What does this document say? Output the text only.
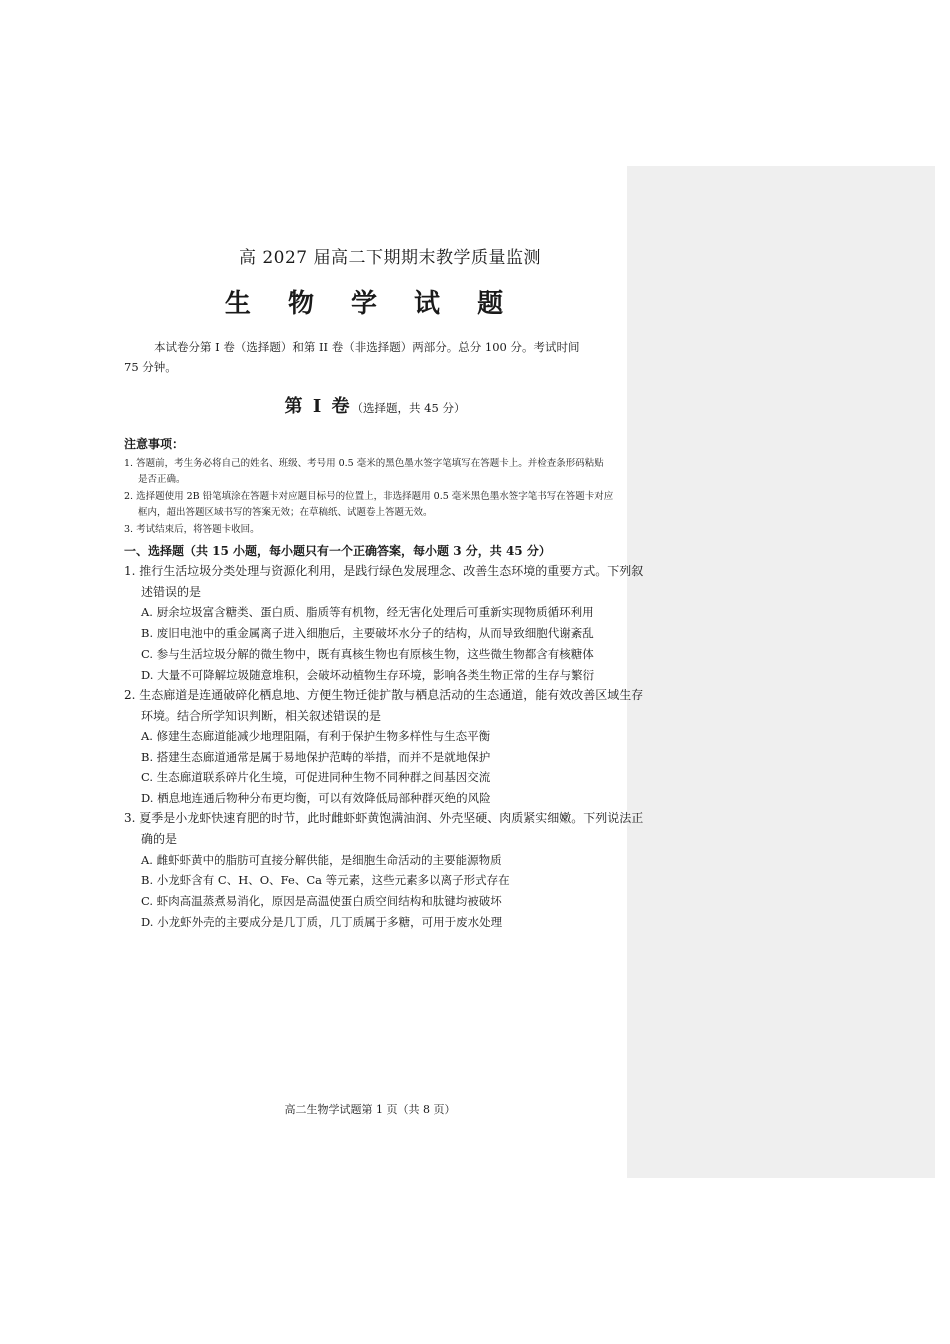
高 2027 届高二下期期末教学质量监测
生 物 学 试 题
本试卷分第 I 卷（选择题）和第 II 卷（非选择题）两部分。总分 100 分。考试时间
75 分钟。
第 I 卷（选择题，共 45 分）
注意事项：
1. 答题前，考生务必将自己的姓名、班级、考号用 0.5 毫米的黑色墨水签字笔填写在答题卡上。并检查条形码粘贴
是否正确。
2. 选择题使用 2B 铅笔填涂在答题卡对应题目标号的位置上，非选择题用 0.5 毫米黑色墨水签字笔书写在答题卡对应
框内，超出答题区域书写的答案无效；在草稿纸、试题卷上答题无效。
3. 考试结束后，将答题卡收回。
一、选择题（共 15 小题，每小题只有一个正确答案，每小题 3 分，共 45 分）
1. 推行生活垃圾分类处理与资源化利用，是践行绿色发展理念、改善生态环境的重要方式。下列叙
述错误的是
A. 厨余垃圾富含糖类、蛋白质、脂质等有机物，经无害化处理后可重新实现物质循环利用
B. 废旧电池中的重金属离子进入细胞后，主要破坏水分子的结构，从而导致细胞代谢紊乱
C. 参与生活垃圾分解的微生物中，既有真核生物也有原核生物，这些微生物都含有核糖体
D. 大量不可降解垃圾随意堆积，会破坏动植物生存环境，影响各类生物正常的生存与繁衍
2. 生态廊道是连通破碎化栖息地、方便生物迁徙扩散与栖息活动的生态通道，能有效改善区域生存
环境。结合所学知识判断，相关叙述错误的是
A. 修建生态廊道能减少地理阻隔，有利于保护生物多样性与生态平衡
B. 搭建生态廊道通常是属于易地保护范畴的举措，而并不是就地保护
C. 生态廊道联系碎片化生境，可促进同种生物不同种群之间基因交流
D. 栖息地连通后物种分布更均衡，可以有效降低局部种群灭绝的风险
3. 夏季是小龙虾快速育肥的时节，此时雌虾虾黄饱满油润、外壳坚硬、肉质紧实细嫩。下列说法正
确的是
A. 雌虾虾黄中的脂肪可直接分解供能，是细胞生命活动的主要能源物质
B. 小龙虾含有 C、H、O、Fe、Ca 等元素，这些元素多以离子形式存在
C. 虾肉高温蒸煮易消化，原因是高温使蛋白质空间结构和肽键均被破坏
D. 小龙虾外壳的主要成分是几丁质，几丁质属于多糖，可用于废水处理
高二生物学试题第 1 页（共 8 页）
